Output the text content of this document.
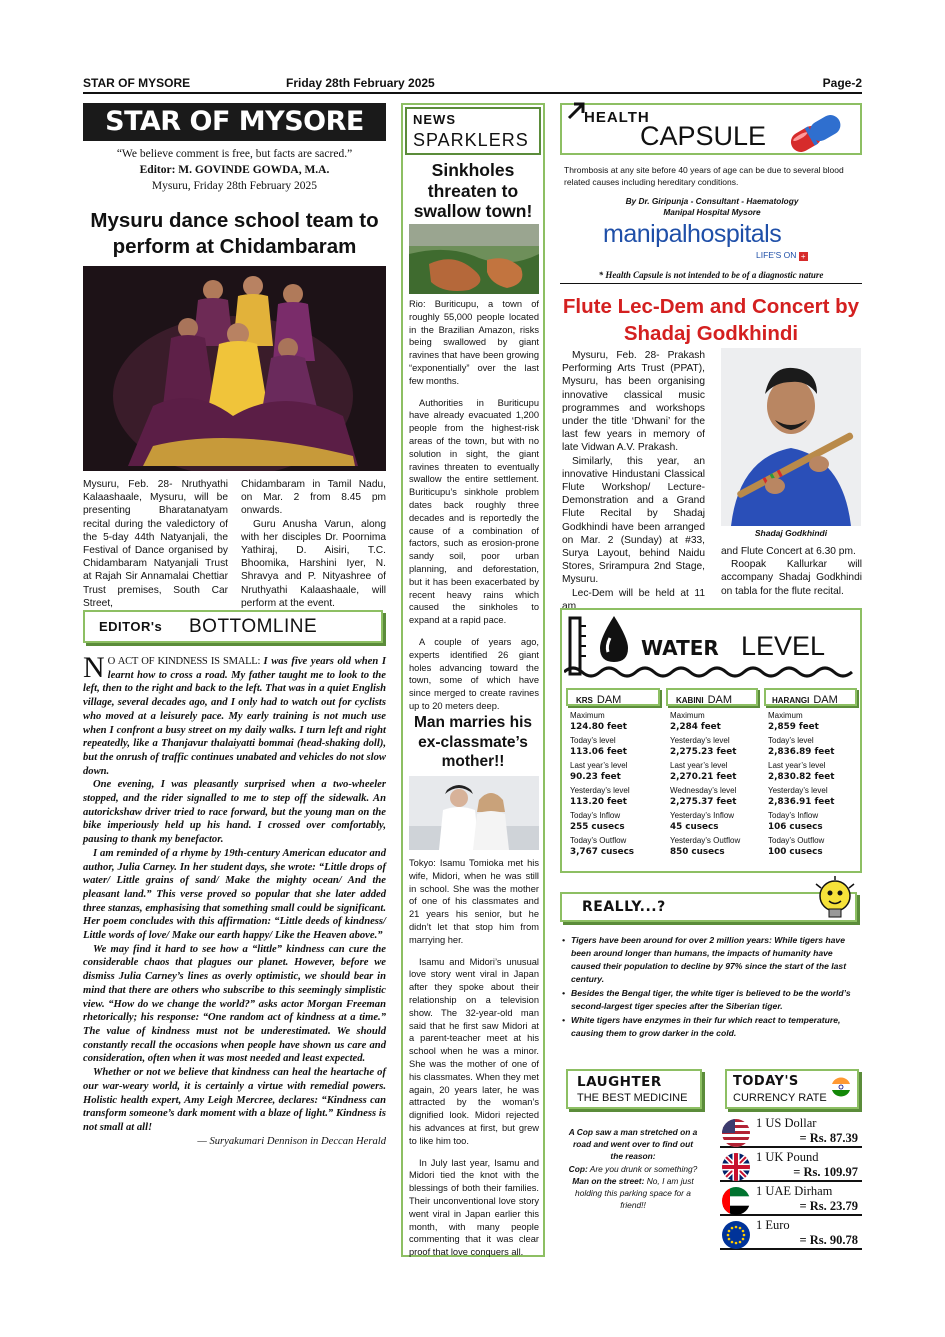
STAR OF MYSORE	Friday 28th February 2025	Page-2
STAR OF MYSORE
“We believe comment is free, but facts are sacred.”
Editor: M. GOVINDE GOWDA, M.A.
Mysuru, Friday 28th February 2025
Mysuru dance school team to perform at Chidambaram
Mysuru, Feb. 28- Nruthyathi Kalaashaale, Mysuru, will be presenting Bharatanatyam recital during the valedictory of the 5-day 44th Natyanjali, the Festival of Dance organised by Chidambaram Natyanjali Trust at Rajah Sir Annamalai Chettiar Trust premises, South Car Street,

Chidambaram in Tamil Nadu, on Mar. 2 from 8.45 pm onwards.

Guru Anusha Varun, along with her disciples Dr. Poornima Yathiraj, D. Aisiri, T.C. Bhoomika, Harshini Iyer, N. Shravya and P. Nityashree of Nruthyathi Kalaashaale, will perform at the event.

EDITOR's BOTTOMLINE

N O ACT OF KINDNESS IS SMALL: I was five years old when I learnt how to cross a road. My father taught me to look to the left, then to the right and back to the left. That was in a quiet English village, several decades ago, and I only had to watch out for cyclists who moved at a leisurely pace. My early training is not much use when I confront a busy street on my daily walks. I turn left and right repeatedly, like a Thanjavur thalaiyatti bommai (head-shaking doll), but the onrush of traffic continues unabated and vehicles do not slow down.

One evening, I was pleasantly surprised when a two-wheeler stopped, and the rider signalled to me to step off the sidewalk. An autorickshaw driver tried to race forward, but the young man on the bike imperiously held up his hand. I crossed over comfortably, pausing to thank my benefactor.

I am reminded of a rhyme by 19th-century American educator and author, Julia Carney. In her student days, she wrote: “Little drops of water/ Little grains of sand/ Make the mighty ocean/ And the pleasant land.” This verse proved so popular that she later added three stanzas, emphasising that something small could be significant. Her poem concludes with this affirmation: “Little deeds of kindness/ Little words of love/ Make our earth happy/ Like the Heaven above.”

We may find it hard to see how a “little” kindness can cure the considerable chaos that plagues our planet. However, before we dismiss Julia Carney’s lines as overly optimistic, we should bear in mind that there are others who subscribe to this seemingly simplistic view. “How do we change the world?” asks actor Morgan Freeman rhetorically; his response: “One random act of kindness at a time.” The value of kindness must not be underestimated. We should constantly recall the occasions when people have shown us care and consideration, often when it was most needed and least expected.

Whether or not we believe that kindness can heal the heartache of our war-weary world, it is certainly a virtue with remedial powers. Holistic health expert, Amy Leigh Mercree, declares: “Kindness can transform someone’s dark moment with a blaze of light.” Kindness is not small at all!

— Suryakumari Dennison in Deccan Herald

NEWS
SPARKLERS
Sinkholes threaten to swallow town!

Rio: Buriticupu, a town of roughly 55,000 people located in the Brazilian Amazon, risks being swallowed by giant ravines that have been growing “exponentially” over the last few months.

Authorities in Buriticupu have already evacuated 1,200 people from the highest-risk areas of the town, but with no solution in sight, the giant ravines threaten to eventually swallow the entire settlement. Buriticupu’s sinkhole problem dates back roughly three decades and is reportedly the cause of a combination of factors, such as erosion-prone sandy soil, poor urban planning, and deforestation, but it has been exacerbated by recent heavy rains which caused the sinkholes to expand at a rapid pace.

A couple of years ago, experts identified 26 giant holes advancing toward the town, some of which have since merged to create ravines up to 20 meters deep.

Man marries his ex-classmate’s mother!!

Tokyo: Isamu Tomioka met his wife, Midori, when he was still in school. She was the mother of one of his classmates and 21 years his senior, but he didn’t let that stop him from marrying her.

Isamu and Midori’s unusual love story went viral in Japan after they spoke about their relationship on a television show. The 32-year-old man said that he first saw Midori at a parent-teacher meet at his school when he was a minor. She was the mother of one of his classmates. When they met again, 20 years later, he was attracted by the woman’s dignified look. Midori rejected his advances at first, but grew to like him too.

In July last year, Isamu and Midori tied the knot with the blessings of both their families. Their unconventional love story went viral in Japan earlier this month, with many people commenting that it was clear proof that love conquers all.

HEALTH
CAPSULE
Thrombosis at any site before 40 years of age can be due to several blood related causes including hereditary conditions.
By Dr. Giripunja - Consultant - Haematology
Manipal Hospital Mysore
manipalhospitals
LIFE'S ON +
* Health Capsule is not intended to be of a diagnostic nature
Flute Lec-Dem and Concert by Shadaj Godkhindi

Mysuru, Feb. 28- Prakash Performing Arts Trust (PPAT), Mysuru, has been organising innovative classical music programmes and workshops under the title ‘Dhwani’ for the last few years in memory of late Vidwan A.V. Prakash.

Similarly, this year, an innovative Hindustani Classical Flute Workshop/ Lecture-Demonstration and a Grand Flute Recital by Shadaj Godkhindi have been arranged on Mar. 2 (Sunday) at #33, Surya Layout, behind Naidu Stores, Srirampura 2nd Stage, Mysuru.

Lec-Dem will be held at 11 am

Shadaj Godkhindi

and Flute Concert at 6.30 pm.

Roopak Kallurkar will accompany Shadaj Godkhindi on tabla for the flute recital.

WATER LEVEL
KRS DAM
Maximum
124.80 feet
Today’s level
113.06 feet
Last year’s level
90.23 feet
Yesterday’s level
113.20 feet
Today’s Inflow
255 cusecs
Today’s Outflow
3,767 cusecs
KABINI DAM
Maximum
2,284 feet
Yesterday’s level
2,275.23 feet
Last year’s level
2,270.21 feet
Wednesday’s level
2,275.37 feet
Yesterday’s Inflow
45 cusecs
Yesterday’s Outflow
850 cusecs
HARANGI DAM
Maximum
2,859 feet
Today’s level
2,836.89 feet
Last year’s level
2,830.82 feet
Yesterday’s level
2,836.91 feet
Today’s Inflow
106 cusecs
Today’s Outflow
100 cusecs
REALLY...?
• Tigers have been around for over 2 million years: While tigers have been around longer than humans, the impacts of humanity have caused their population to decline by 97% since the start of the last century.
• Besides the Bengal tiger, the white tiger is believed to be the world’s second-largest tiger species after the Siberian tiger.
• White tigers have enzymes in their fur which react to temperature, causing them to grow darker in the cold.
LAUGHTER
THE BEST MEDICINE

A Cop saw a man stretched on a road and went over to find out the reason:

Cop: Are you drunk or something?

Man on the street: No, I am just holding this parking space for a friend!!

TODAY'S
CURRENCY RATE
1 US Dollar
= Rs. 87.39
1 UK Pound
= Rs. 109.97
1 UAE Dirham
= Rs. 23.79
1 Euro
= Rs. 90.78
